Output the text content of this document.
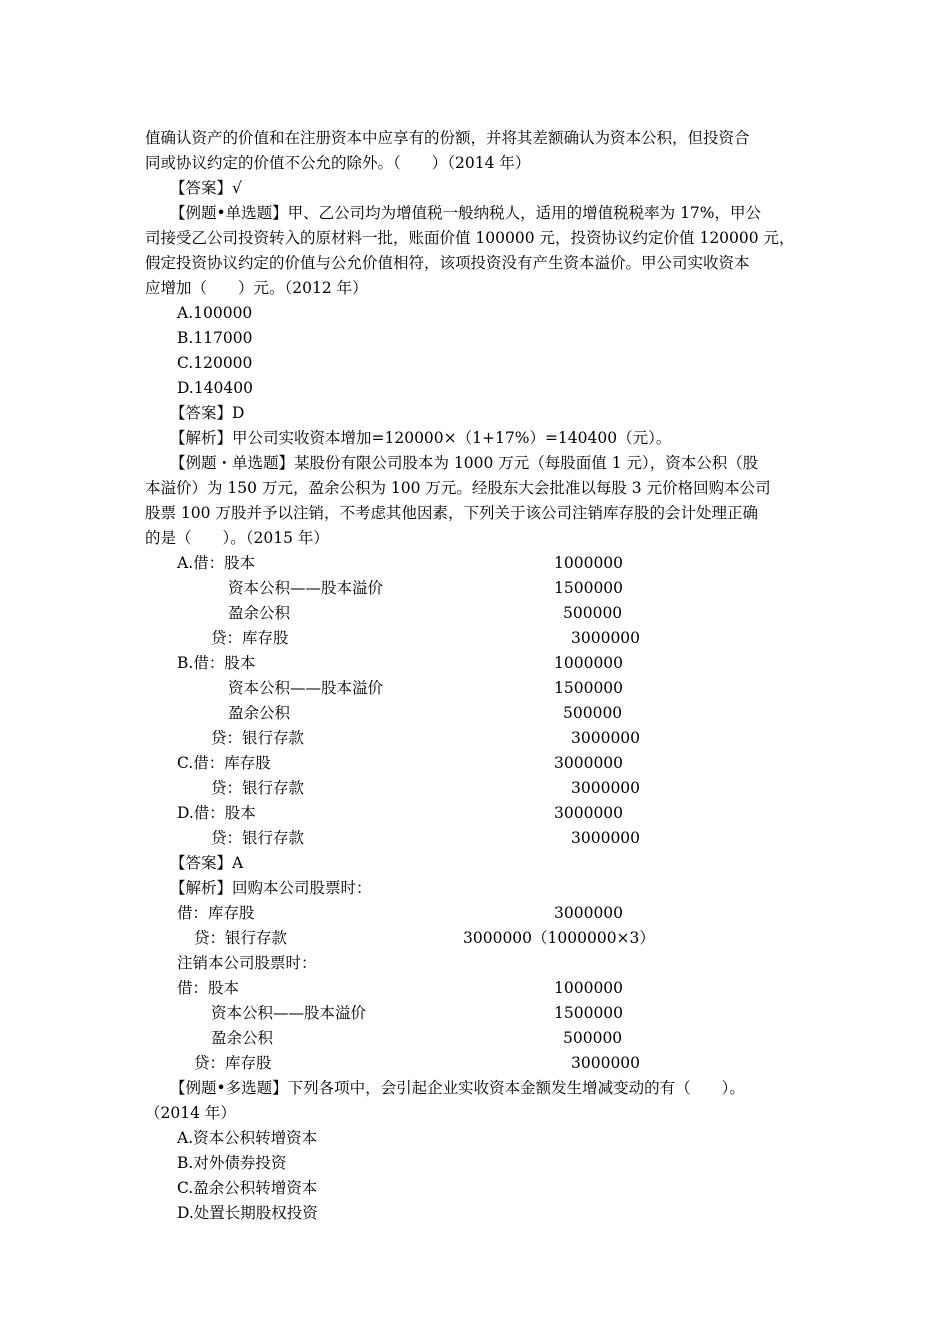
值确认资产的价值和在注册资本中应享有的份额，并将其差额确认为资本公积，但投资合
同或协议约定的价值不公允的除外。（　　）（2014 年）
【答案】√
【例题•单选题】甲、乙公司均为增值税一般纳税人，适用的增值税税率为 17%，甲公
司接受乙公司投资转入的原材料一批，账面价值 100000 元，投资协议约定价值 120000 元，
假定投资协议约定的价值与公允价值相符，该项投资没有产生资本溢价。甲公司实收资本
应增加（　　）元。（2012 年）
A.100000
B.117000
C.120000
D.140400
【答案】D
【解析】甲公司实收资本增加=120000×（1+17%）=140400（元）。
【例题・单选题】某股份有限公司股本为 1000 万元（每股面值 1 元），资本公积（股
本溢价）为 150 万元，盈余公积为 100 万元。经股东大会批准以每股 3 元价格回购本公司
股票 100 万股并予以注销，不考虑其他因素，下列关于该公司注销库存股的会计处理正确
的是（　　）。（2015 年）
A.借：股本	1000000
资本公积——股本溢价	1500000
盈余公积	500000
贷：库存股	3000000
B.借：股本	1000000
资本公积——股本溢价	1500000
盈余公积	500000
贷：银行存款	3000000
C.借：库存股	3000000
贷：银行存款	3000000
D.借：股本	3000000
贷：银行存款	3000000
【答案】A
【解析】回购本公司股票时：
借：库存股	3000000
贷：银行存款	3000000（1000000×3）
注销本公司股票时：
借：股本	1000000
资本公积——股本溢价	1500000
盈余公积	500000
贷：库存股	3000000
【例题•多选题】下列各项中，会引起企业实收资本金额发生增减变动的有（　　）。
（2014 年）
A.资本公积转增资本
B.对外债券投资
C.盈余公积转增资本
D.处置长期股权投资
